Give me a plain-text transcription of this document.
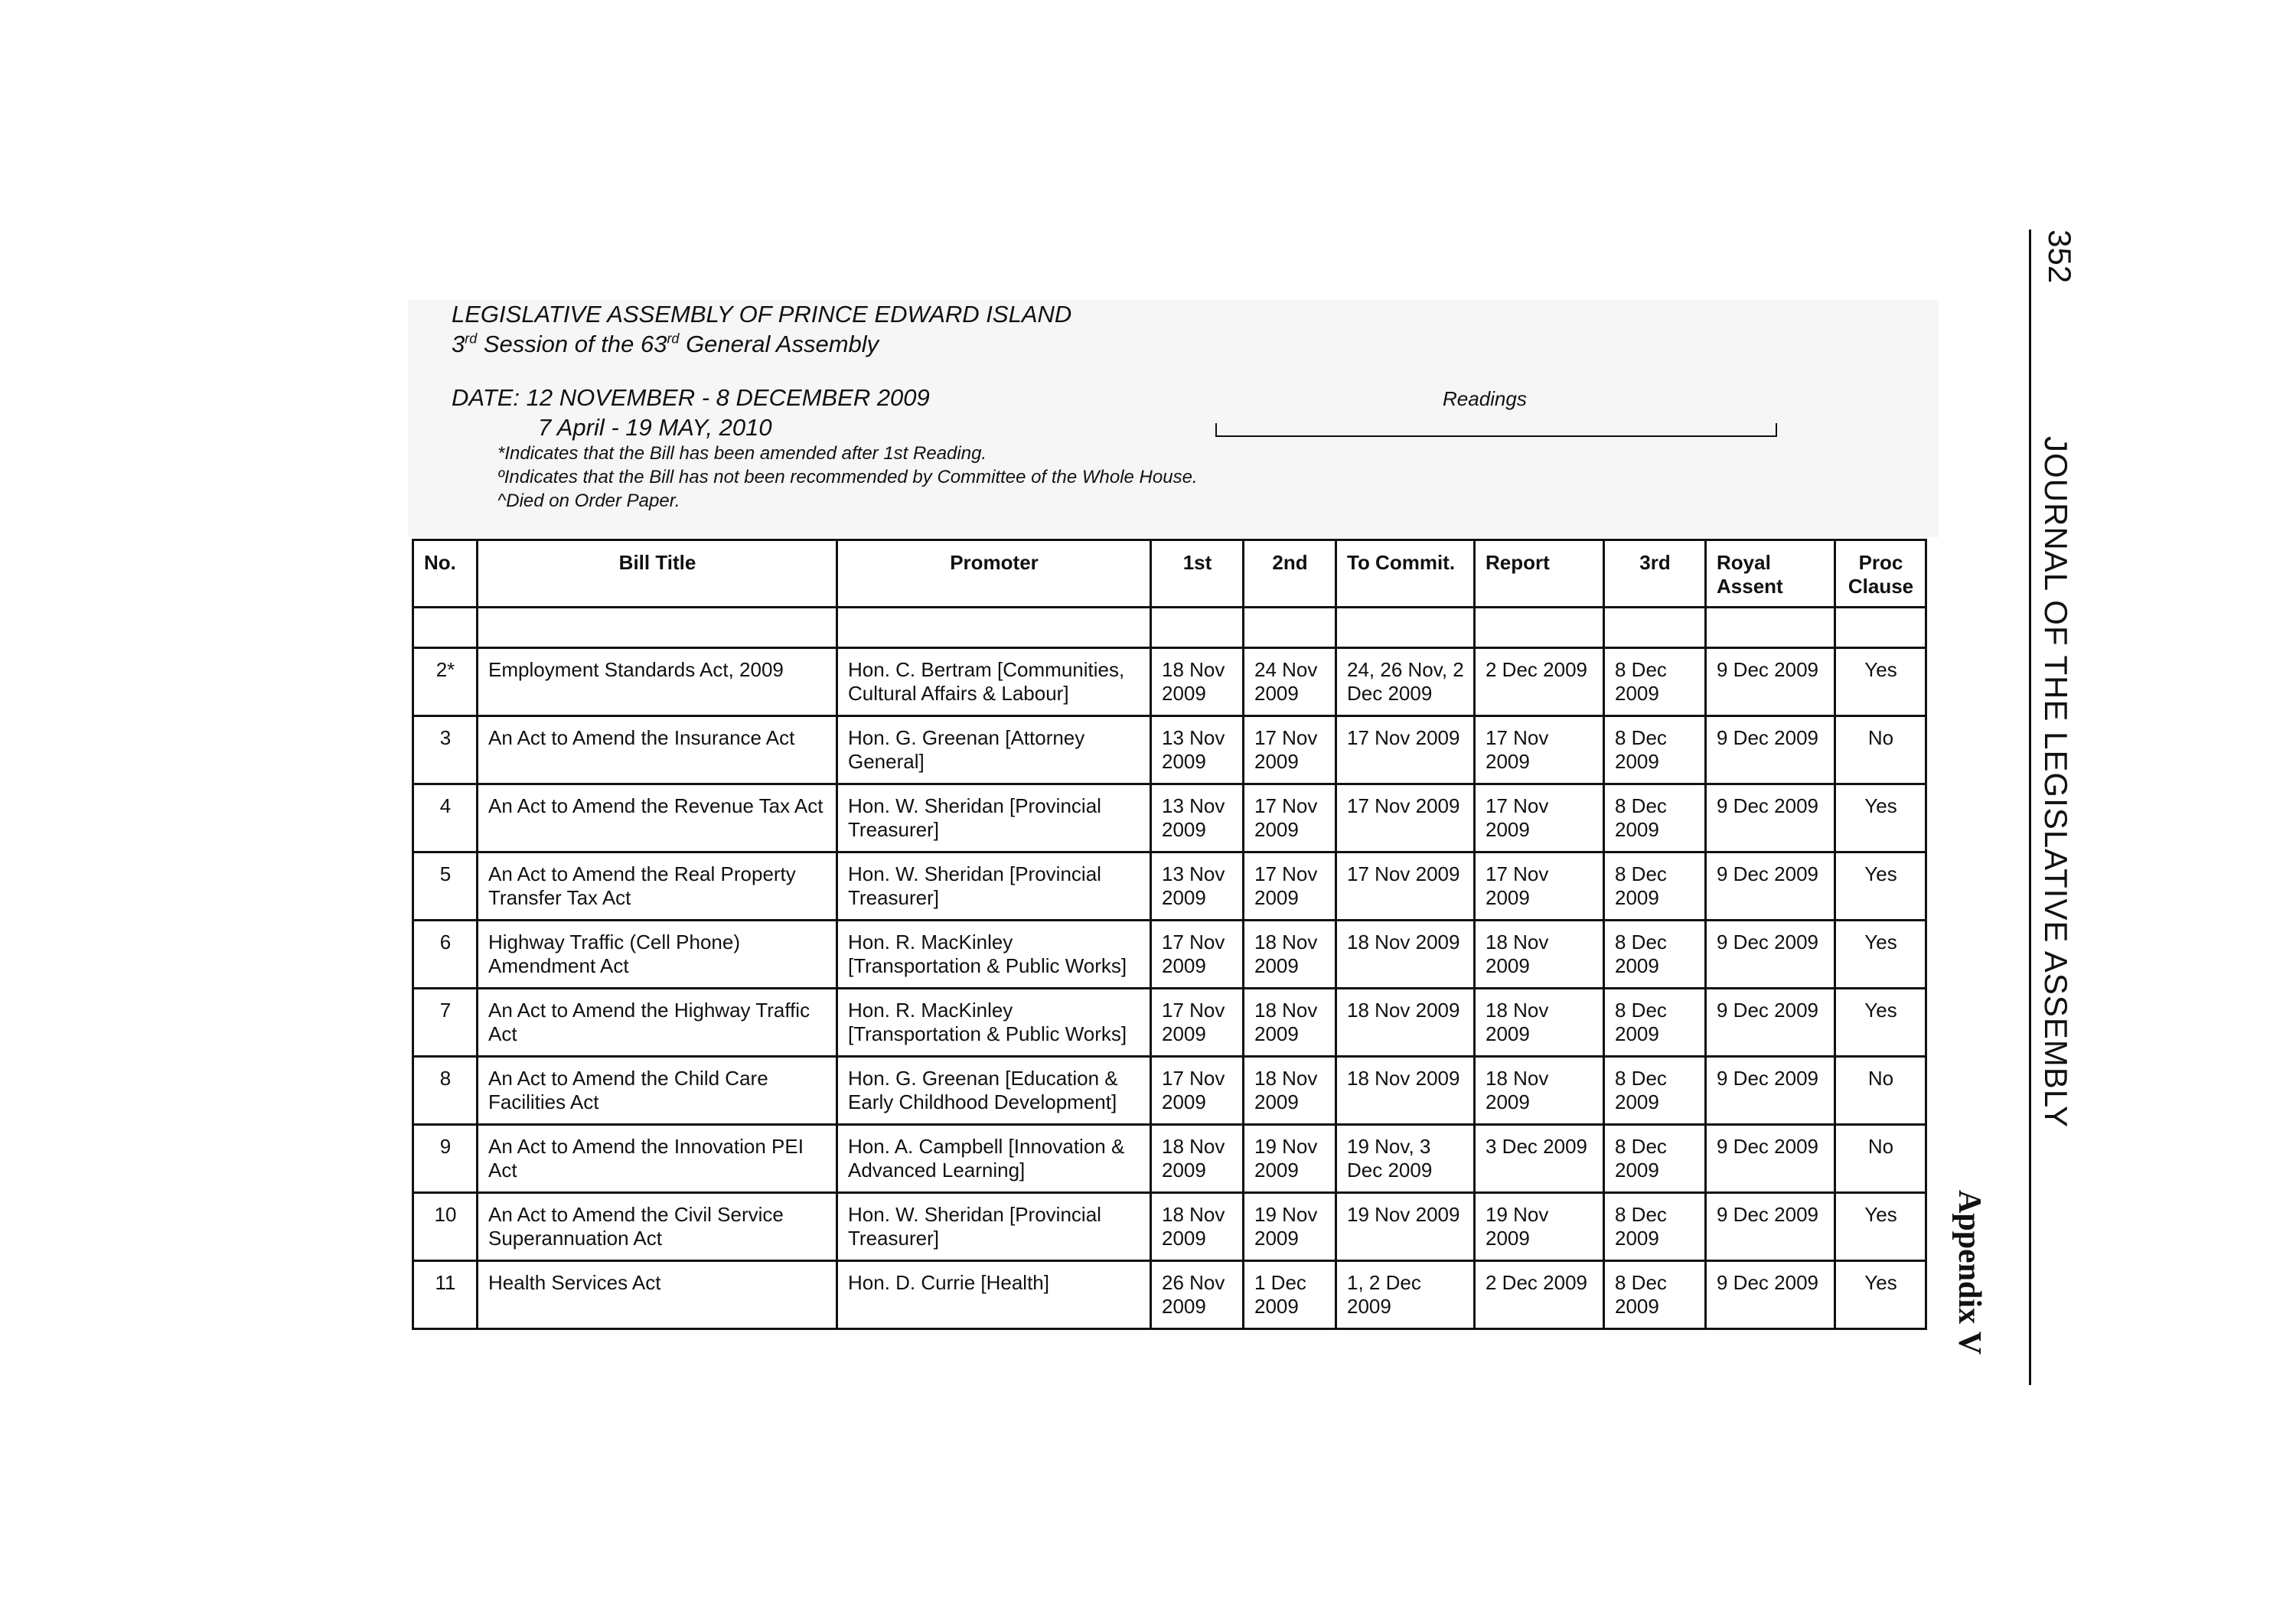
LEGISLATIVE ASSEMBLY OF PRINCE EDWARD ISLAND
3rd Session of the 63rd General Assembly
DATE: 12 NOVEMBER - 8 DECEMBER 2009
7 April - 19 MAY, 2010
*Indicates that the Bill has been amended after 1st Reading.
ºIndicates that the Bill has not been recommended by Committee of the Whole House.
^Died on Order Paper.
Readings
No.	Bill Title	Promoter	1st	2nd	To Commit.	Report	3rd	Royal Assent	Proc Clause

2*	Employment Standards Act, 2009	Hon. C. Bertram [Communities, Cultural Affairs & Labour]	18 Nov 2009	24 Nov 2009	24, 26 Nov, 2 Dec 2009	2 Dec 2009	8 Dec 2009	9 Dec 2009	Yes
3	An Act to Amend the Insurance Act	Hon. G. Greenan [Attorney General]	13 Nov 2009	17 Nov 2009	17 Nov 2009	17 Nov 2009	8 Dec 2009	9 Dec 2009	No
4	An Act to Amend the Revenue Tax Act	Hon. W. Sheridan [Provincial Treasurer]	13 Nov 2009	17 Nov 2009	17 Nov 2009	17 Nov 2009	8 Dec 2009	9 Dec 2009	Yes
5	An Act to Amend the Real Property Transfer Tax Act	Hon. W. Sheridan [Provincial Treasurer]	13 Nov 2009	17 Nov 2009	17 Nov 2009	17 Nov 2009	8 Dec 2009	9 Dec 2009	Yes
6	Highway Traffic (Cell Phone) Amendment Act	Hon. R. MacKinley [Transportation & Public Works]	17 Nov 2009	18 Nov 2009	18 Nov 2009	18 Nov 2009	8 Dec 2009	9 Dec 2009	Yes
7	An Act to Amend the Highway Traffic Act	Hon. R. MacKinley [Transportation & Public Works]	17 Nov 2009	18 Nov 2009	18 Nov 2009	18 Nov 2009	8 Dec 2009	9 Dec 2009	Yes
8	An Act to Amend the Child Care Facilities Act	Hon. G. Greenan [Education & Early Childhood Development]	17 Nov 2009	18 Nov 2009	18 Nov 2009	18 Nov 2009	8 Dec 2009	9 Dec 2009	No
9	An Act to Amend the Innovation PEI Act	Hon. A. Campbell [Innovation & Advanced Learning]	18 Nov 2009	19 Nov 2009	19 Nov, 3 Dec 2009	3 Dec 2009	8 Dec 2009	9 Dec 2009	No
10	An Act to Amend the Civil Service Superannuation Act	Hon. W. Sheridan [Provincial Treasurer]	18 Nov 2009	19 Nov 2009	19 Nov 2009	19 Nov 2009	8 Dec 2009	9 Dec 2009	Yes
11	Health Services Act	Hon. D. Currie [Health]	26 Nov 2009	1 Dec 2009	1, 2 Dec 2009	2 Dec 2009	8 Dec 2009	9 Dec 2009	Yes
352
JOURNAL OF THE LEGISLATIVE ASSEMBLY
Appendix V
